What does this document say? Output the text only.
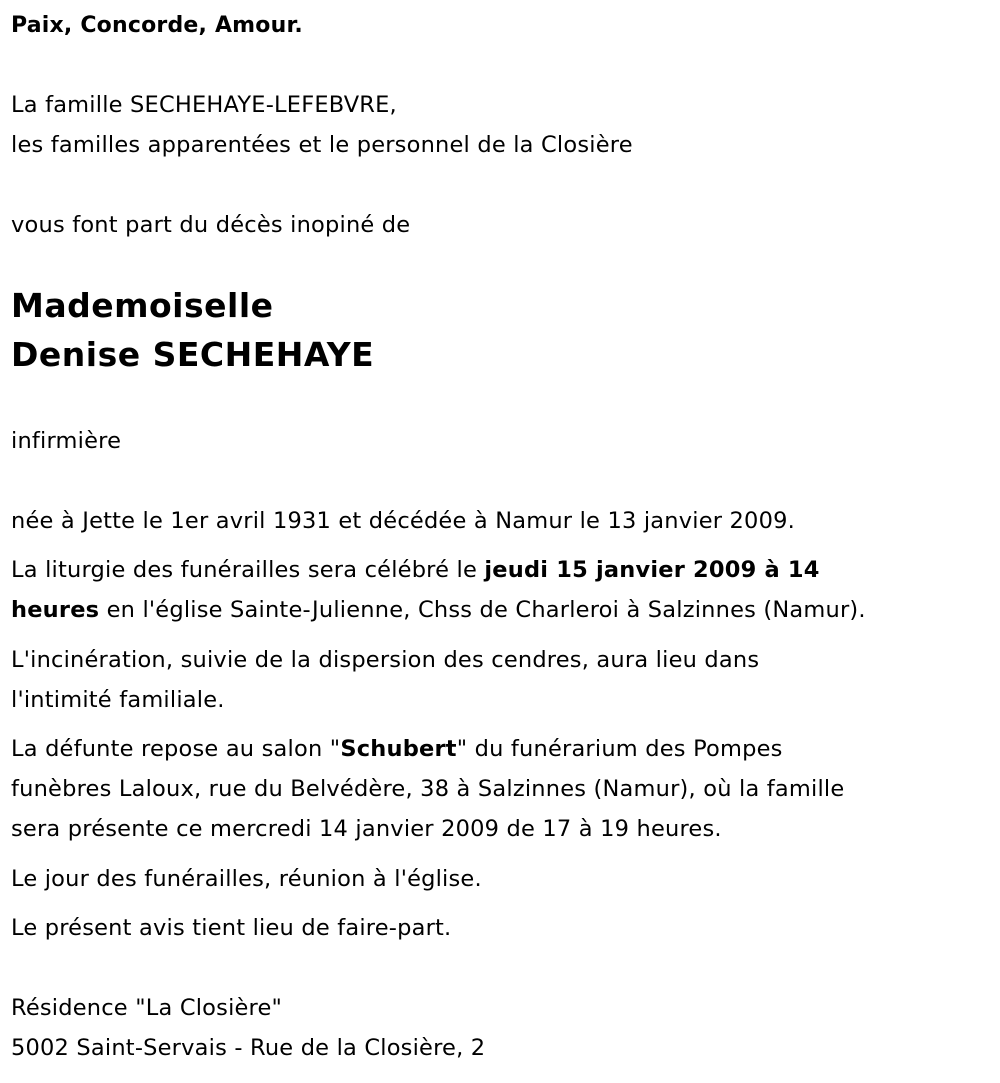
Paix, Concorde, Amour.
La famille SECHEHAYE-LEFEBVRE,
les familles apparentées et le personnel de la Closière
vous font part du décès inopiné de
Mademoiselle
Denise SECHEHAYE
infirmière
née à Jette le 1er avril 1931 et décédée à Namur le 13 janvier 2009.
La liturgie des funérailles sera célébré le jeudi 15 janvier 2009 à 14
heures en l'église Sainte-Julienne, Chss de Charleroi à Salzinnes (Namur).
L'incinération, suivie de la dispersion des cendres, aura lieu dans
l'intimité familiale.
La défunte repose au salon "Schubert" du funérarium des Pompes
funèbres Laloux, rue du Belvédère, 38 à Salzinnes (Namur), où la famille
sera présente ce mercredi 14 janvier 2009 de 17 à 19 heures.
Le jour des funérailles, réunion à l'église.
Le présent avis tient lieu de faire-part.
Résidence "La Closière"
5002 Saint-Servais - Rue de la Closière, 2
